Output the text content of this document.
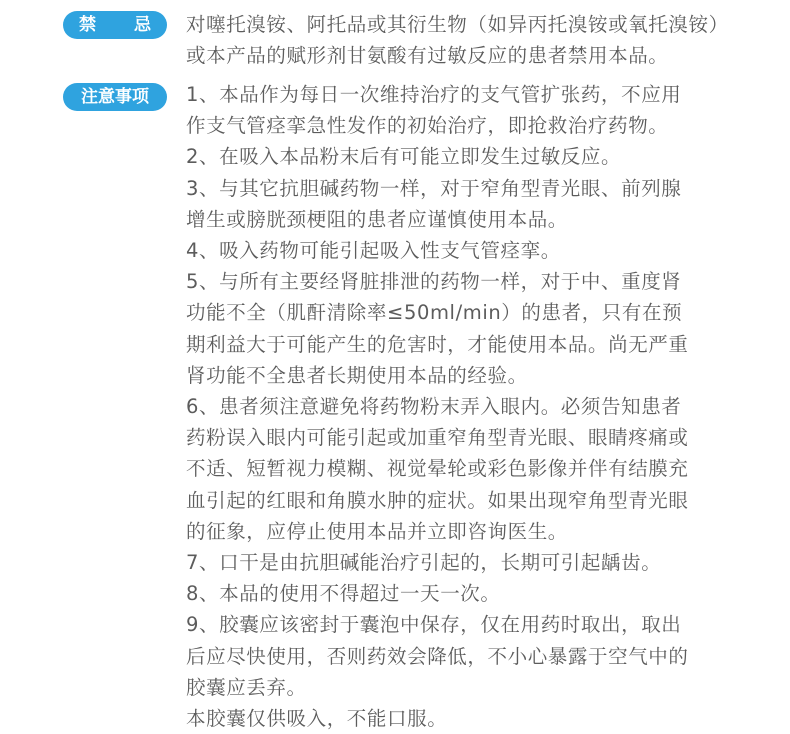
禁 忌 对噻托溴铵、阿托品或其衍生物（如异丙托溴铵或氧托溴铵）
或本产品的赋形剂甘氨酸有过敏反应的患者禁用本品。
注意事项	1、本品作为每日一次维持治疗的支气管扩张药，不应用
作支气管痉挛急性发作的初始治疗，即抢救治疗药物。
2、在吸入本品粉末后有可能立即发生过敏反应。
3、与其它抗胆碱药物一样，对于窄角型青光眼、前列腺
增生或膀胱颈梗阻的患者应谨慎使用本品。
4、吸入药物可能引起吸入性支气管痉挛。
5、与所有主要经肾脏排泄的药物一样，对于中、重度肾
功能不全（肌酐清除率≤50ml/min）的患者，只有在预
期利益大于可能产生的危害时，才能使用本品。尚无严重
肾功能不全患者长期使用本品的经验。
6、患者须注意避免将药物粉末弄入眼内。必须告知患者
药粉误入眼内可能引起或加重窄角型青光眼、眼睛疼痛或
不适、短暂视力模糊、视觉晕轮或彩色影像并伴有结膜充
血引起的红眼和角膜水肿的症状。如果出现窄角型青光眼
的征象，应停止使用本品并立即咨询医生。
7、口干是由抗胆碱能治疗引起的，长期可引起龋齿。
8、本品的使用不得超过一天一次。
9、胶囊应该密封于囊泡中保存，仅在用药时取出，取出
后应尽快使用，否则药效会降低，不小心暴露于空气中的
胶囊应丢弃。
本胶囊仅供吸入，不能口服。
